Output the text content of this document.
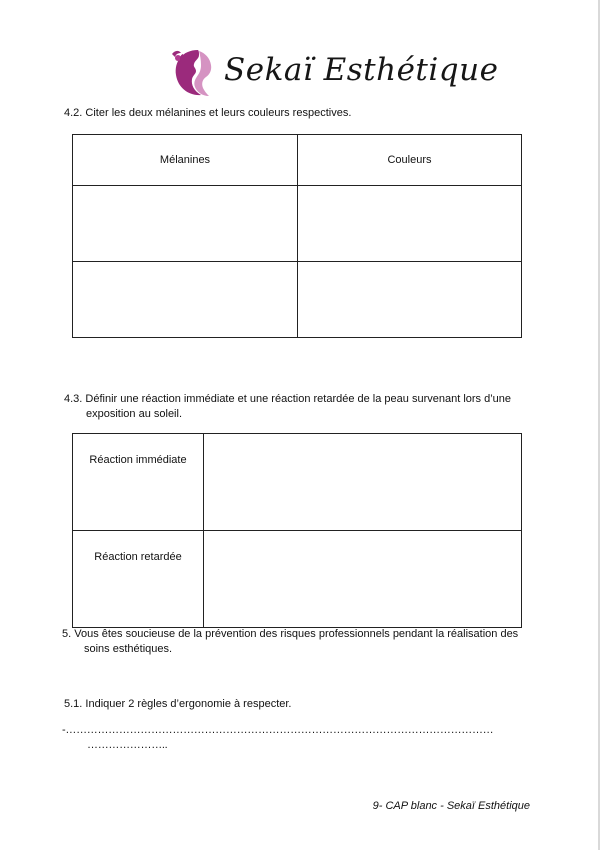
Sekaï Esthétique
4.2. Citer les deux mélanines et leurs couleurs respectives.
Mélanines	Couleurs

4.3. Définir une réaction immédiate et une réaction retardée de la peau survenant lors d’une
exposition au soleil.
Réaction immédiate	
Réaction retardée	
5. Vous êtes soucieuse de la prévention des risques professionnels pendant la réalisation des
soins esthétiques.
5.1. Indiquer 2 règles d’ergonomie à respecter.
-…………………………………………………………………………………………………………
…………………..
9- CAP blanc - Sekaï Esthétique
